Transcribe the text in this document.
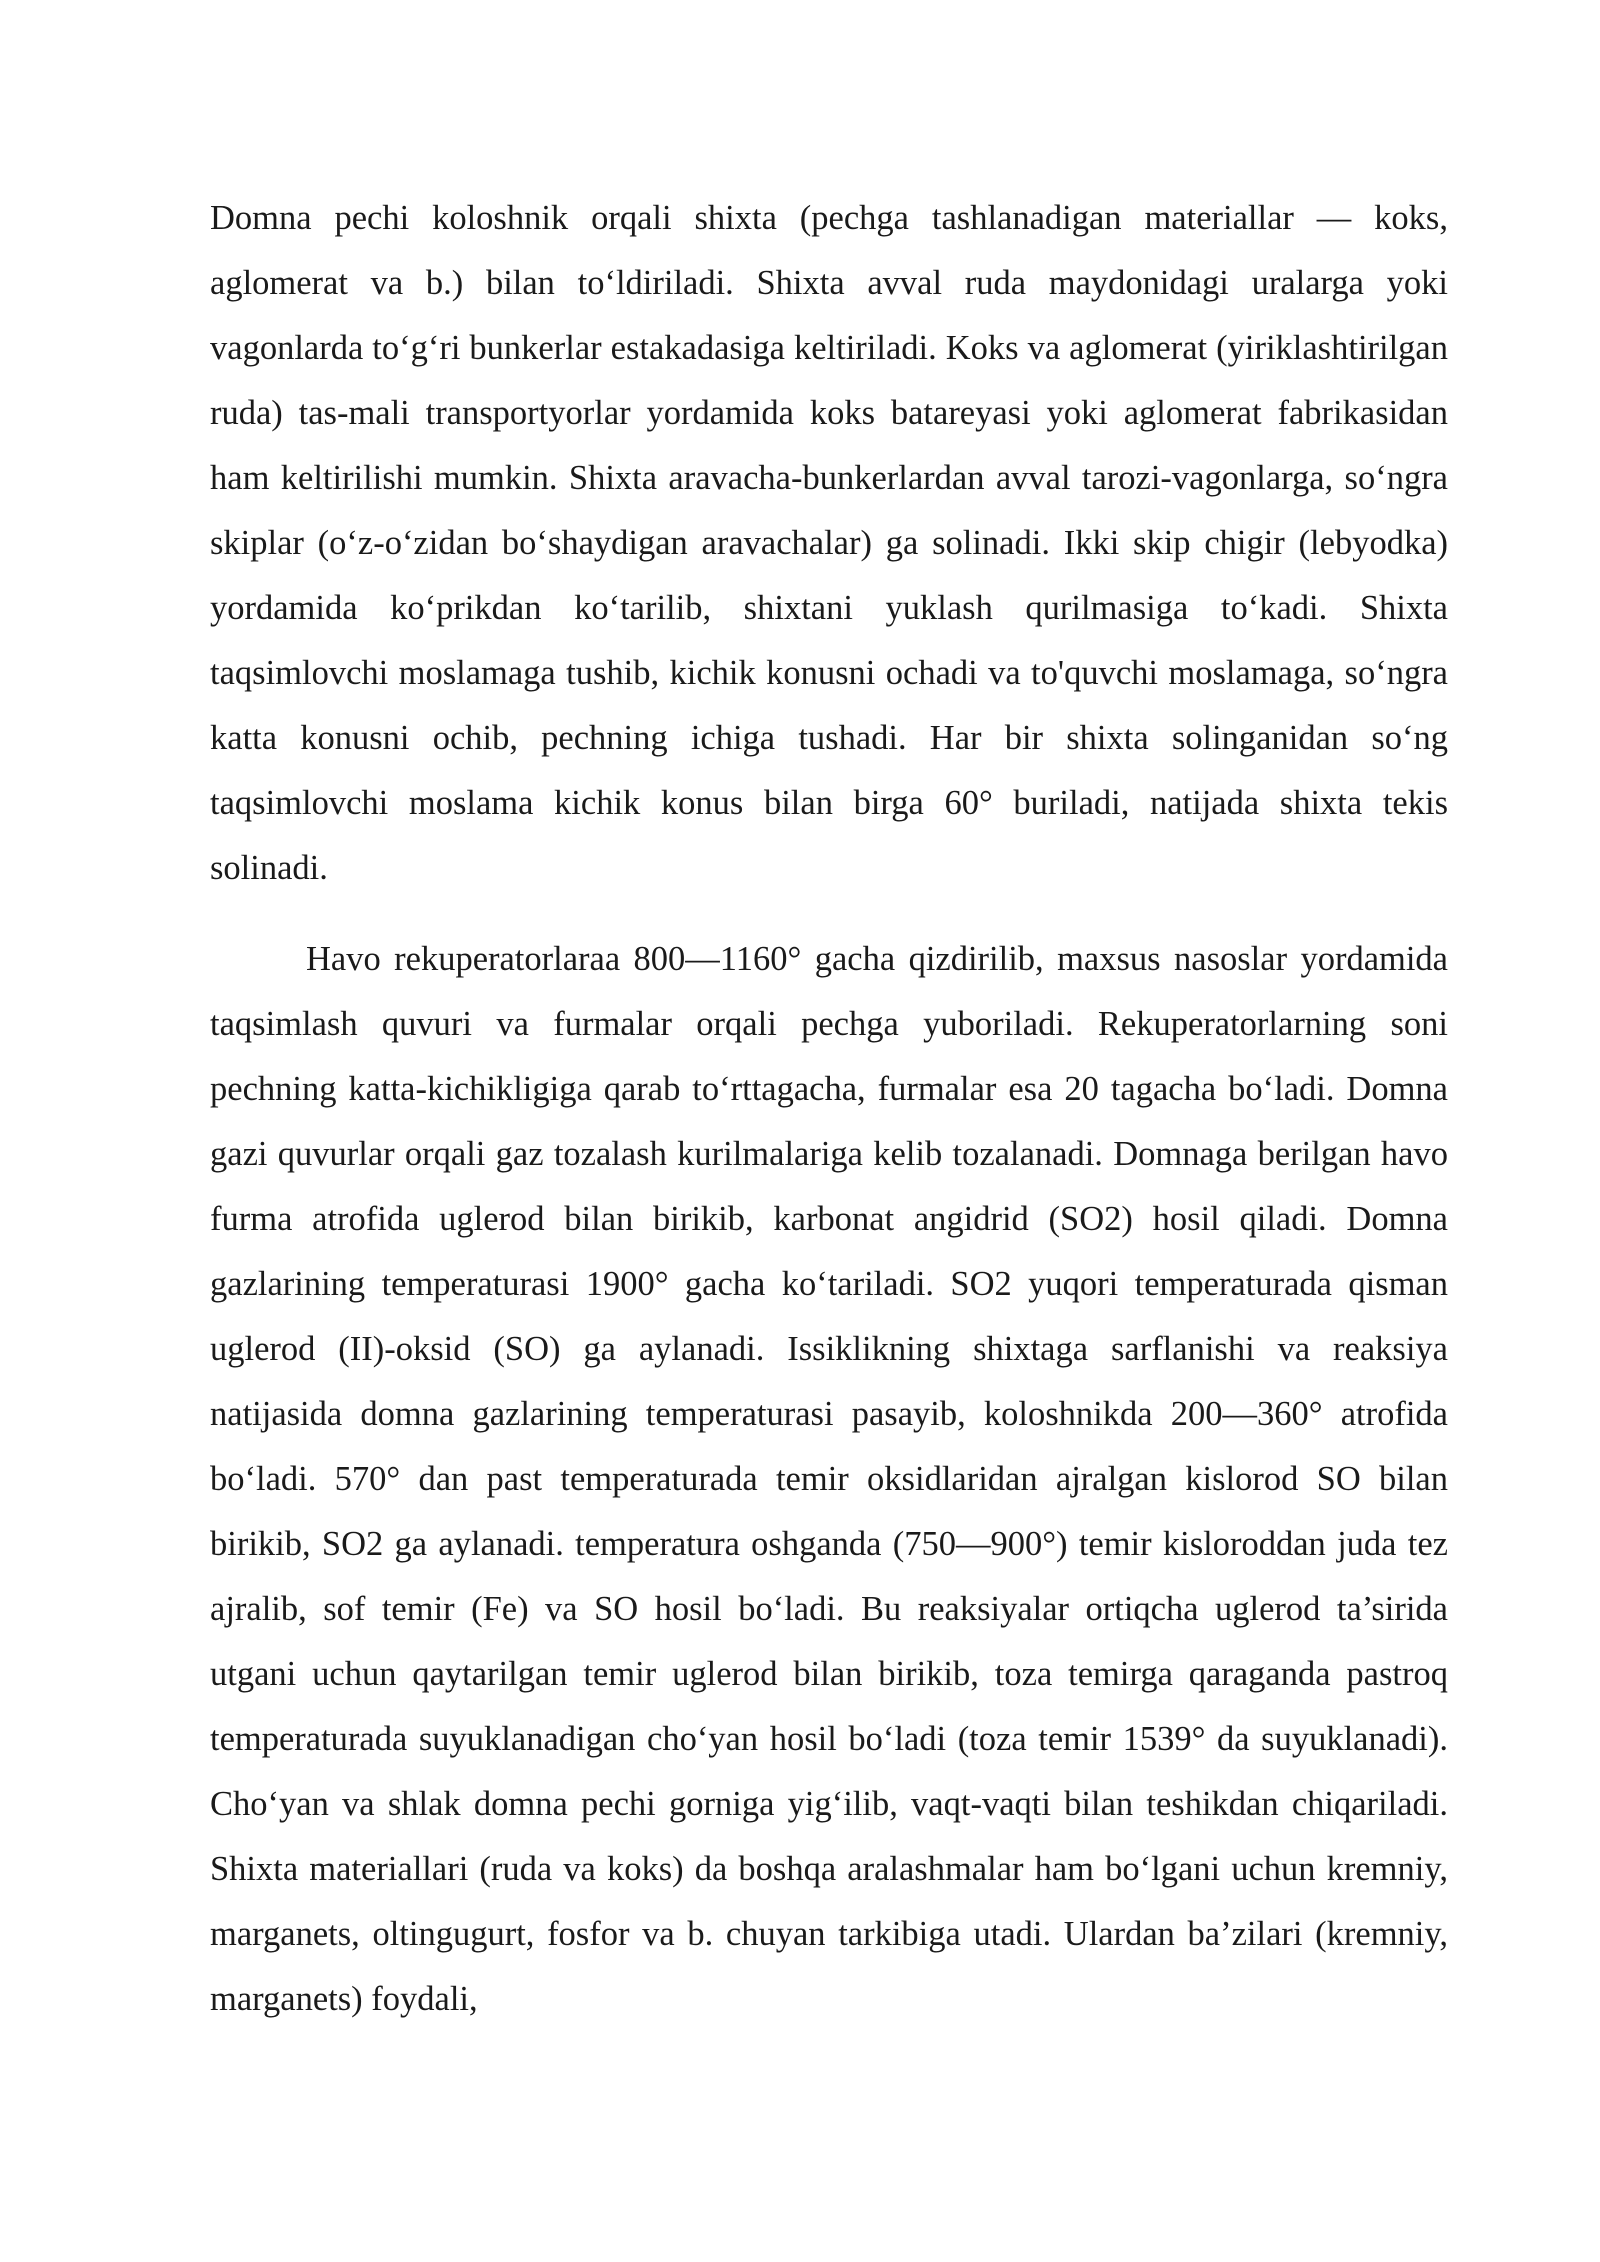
Domna pechi koloshnik orqali shixta (pechga tashlanadigan materiallar — koks, aglomerat va b.) bilan to‘ldiriladi. Shixta avval ruda maydonidagi uralarga yoki vagonlarda to‘g‘ri bunkerlar estakadasiga keltiriladi. Koks va aglomerat (yiriklashtirilgan ruda) tas-mali transportyorlar yordamida koks batareyasi yoki aglomerat fabrikasidan ham keltirilishi mumkin. Shixta aravacha-bunkerlardan avval tarozi-vagonlarga, so‘ngra skiplar (o‘z-o‘zidan bo‘shaydigan aravachalar) ga solinadi. Ikki skip chigir (lebyodka) yordamida ko‘prikdan ko‘tarilib, shixtani yuklash qurilmasiga to‘kadi. Shixta taqsimlovchi moslamaga tushib, kichik konusni ochadi va to'quvchi moslamaga, so‘ngra katta konusni ochib, pechning ichiga tushadi. Har bir shixta solinganidan so‘ng taqsimlovchi moslama kichik konus bilan birga 60° buriladi, natijada shixta tekis solinadi.

Havo rekuperatorlaraa 800—1160° gacha qizdirilib, maxsus nasoslar yordamida taqsimlash quvuri va furmalar orqali pechga yuboriladi. Rekuperatorlarning soni pechning katta-kichikligiga qarab to‘rttagacha, furmalar esa 20 tagacha bo‘ladi. Domna gazi quvurlar orqali gaz tozalash kurilmalariga kelib tozalanadi. Domnaga berilgan havo furma atrofida uglerod bilan birikib, karbonat angidrid (SO2) hosil qiladi. Domna gazlarining temperaturasi 1900° gacha ko‘tariladi. SO2 yuqori temperaturada qisman uglerod (II)-oksid (SO) ga aylanadi. Issiklikning shixtaga sarflanishi va reaksiya natijasida domna gazlarining temperaturasi pasayib, koloshnikda 200—360° atrofida bo‘ladi. 570° dan past temperaturada temir oksidlaridan ajralgan kislorod SO bilan birikib, SO2 ga aylanadi. temperatura oshganda (750—900°) temir kisloroddan juda tez ajralib, sof temir (Fe) va SO hosil bo‘ladi. Bu reaksiyalar ortiqcha uglerod ta’sirida utgani uchun qaytarilgan temir uglerod bilan birikib, toza temirga qaraganda pastroq temperaturada suyuklanadigan cho‘yan hosil bo‘ladi (toza temir 1539° da suyuklanadi). Cho‘yan va shlak domna pechi gorniga yig‘ilib, vaqt-vaqti bilan teshikdan chiqariladi. Shixta materiallari (ruda va koks) da boshqa aralashmalar ham bo‘lgani uchun kremniy, marganets, oltingugurt, fosfor va b. chuyan tarkibiga utadi. Ulardan ba’zilari (kremniy, marganets) foydali,
